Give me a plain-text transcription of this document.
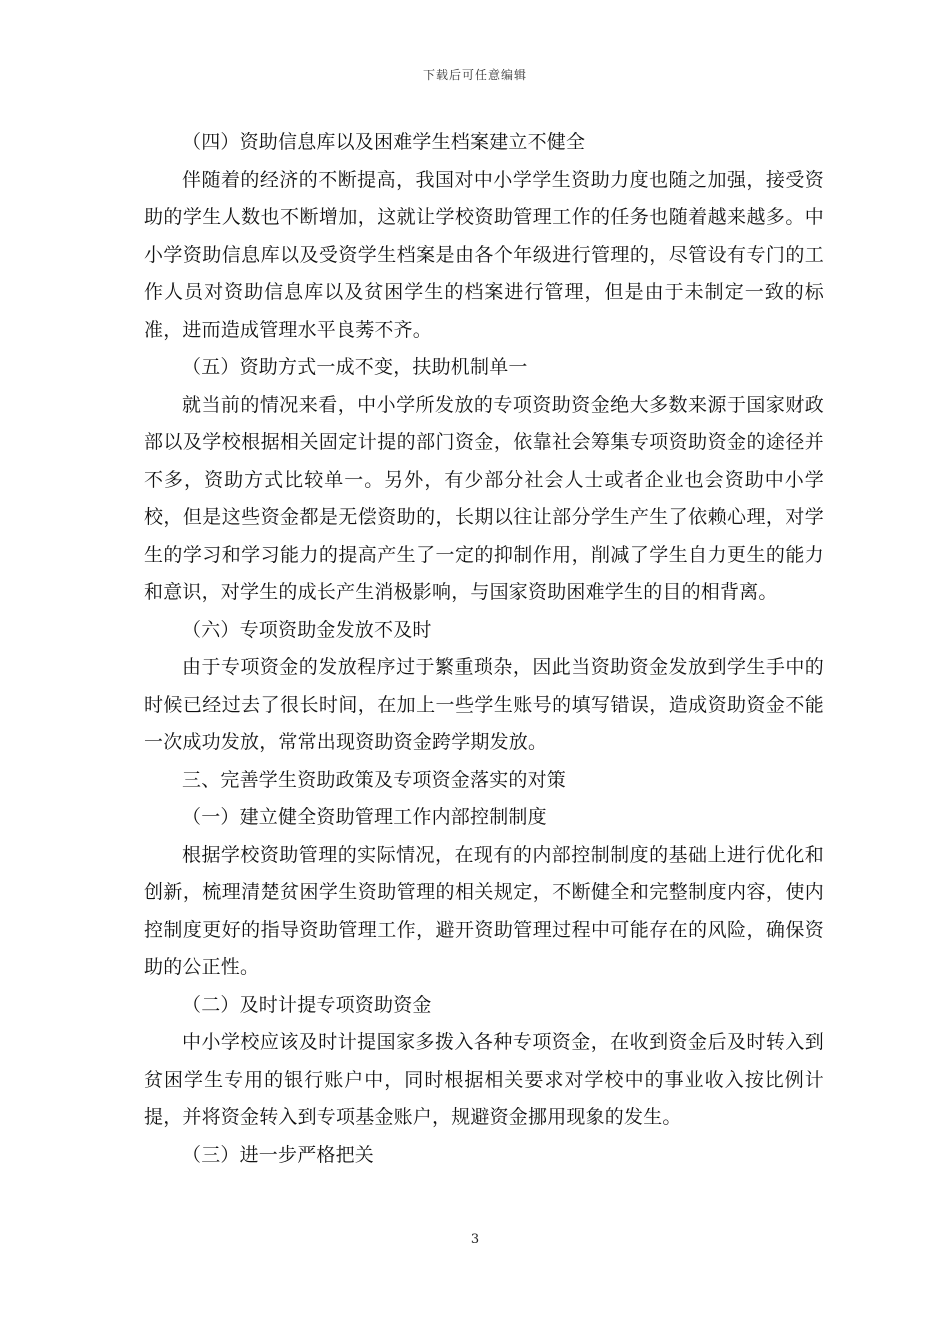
下载后可任意编辑

（四）资助信息库以及困难学生档案建立不健全

伴随着的经济的不断提高，我国对中小学学生资助力度也随之加强，接受资助的学生人数也不断增加，这就让学校资助管理工作的任务也随着越来越多。中小学资助信息库以及受资学生档案是由各个年级进行管理的，尽管设有专门的工作人员对资助信息库以及贫困学生的档案进行管理，但是由于未制定一致的标准，进而造成管理水平良莠不齐。

（五）资助方式一成不变，扶助机制单一

就当前的情况来看，中小学所发放的专项资助资金绝大多数来源于国家财政部以及学校根据相关固定计提的部门资金，依靠社会筹集专项资助资金的途径并不多，资助方式比较单一。另外，有少部分社会人士或者企业也会资助中小学校，但是这些资金都是无偿资助的，长期以往让部分学生产生了依赖心理，对学生的学习和学习能力的提高产生了一定的抑制作用，削减了学生自力更生的能力和意识，对学生的成长产生消极影响，与国家资助困难学生的目的相背离。

（六）专项资助金发放不及时

由于专项资金的发放程序过于繁重琐杂，因此当资助资金发放到学生手中的时候已经过去了很长时间，在加上一些学生账号的填写错误，造成资助资金不能一次成功发放，常常出现资助资金跨学期发放。

三、完善学生资助政策及专项资金落实的对策

（一）建立健全资助管理工作内部控制制度

根据学校资助管理的实际情况，在现有的内部控制制度的基础上进行优化和创新，梳理清楚贫困学生资助管理的相关规定，不断健全和完整制度内容，使内控制度更好的指导资助管理工作，避开资助管理过程中可能存在的风险，确保资助的公正性。

（二）及时计提专项资助资金

中小学校应该及时计提国家多拨入各种专项资金，在收到资金后及时转入到贫困学生专用的银行账户中，同时根据相关要求对学校中的事业收入按比例计提，并将资金转入到专项基金账户，规避资金挪用现象的发生。

（三）进一步严格把关

3
